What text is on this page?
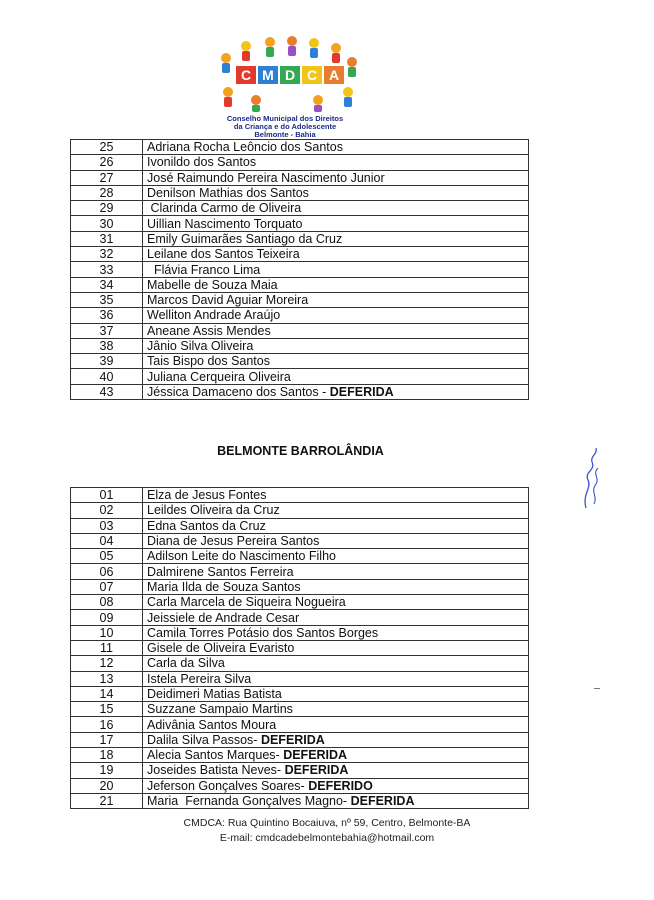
C M D C A
Conselho Municipal dos Direitos
da Criança e do Adolescente
Belmonte - Bahia
25	Adriana Rocha Leôncio dos Santos
26	Ivonildo dos Santos
27	José Raimundo Pereira Nascimento Junior
28	Denilson Mathias dos Santos
29	Clarinda Carmo de Oliveira
30	Uillian Nascimento Torquato
31	Emily Guimarães Santiago da Cruz
32	Leilane dos Santos Teixeira
33	Flávia Franco Lima
34	Mabelle de Souza Maia
35	Marcos David Aguiar Moreira
36	Welliton Andrade Araújo
37	Aneane Assis Mendes
38	Jânio Silva Oliveira
39	Tais Bispo dos Santos
40	Juliana Cerqueira Oliveira
43	Jéssica Damaceno dos Santos - DEFERIDA
BELMONTE BARROLÂNDIA
01	Elza de Jesus Fontes
02	Leildes Oliveira da Cruz
03	Edna Santos da Cruz
04	Diana de Jesus Pereira Santos
05	Adilson Leite do Nascimento Filho
06	Dalmirene Santos Ferreira
07	Maria Ilda de Souza Santos
08	Carla Marcela de Siqueira Nogueira
09	Jeissiele de Andrade Cesar
10	Camila Torres Potásio dos Santos Borges
11	Gisele de Oliveira Evaristo
12	Carla da Silva
13	Istela Pereira Silva
14	Deidimeri Matias Batista
15	Suzzane Sampaio Martins
16	Adivânia Santos Moura
17	Dalila Silva Passos- DEFERIDA
18	Alecia Santos Marques- DEFERIDA
19	Joseides Batista Neves- DEFERIDA
20	Jeferson Gonçalves Soares- DEFERIDO
21	Maria  Fernanda Gonçalves Magno- DEFERIDA
CMDCA: Rua Quintino Bocaiuva, nº 59, Centro, Belmonte-BA
E-mail: cmdcadebelmontebahia@hotmail.com
